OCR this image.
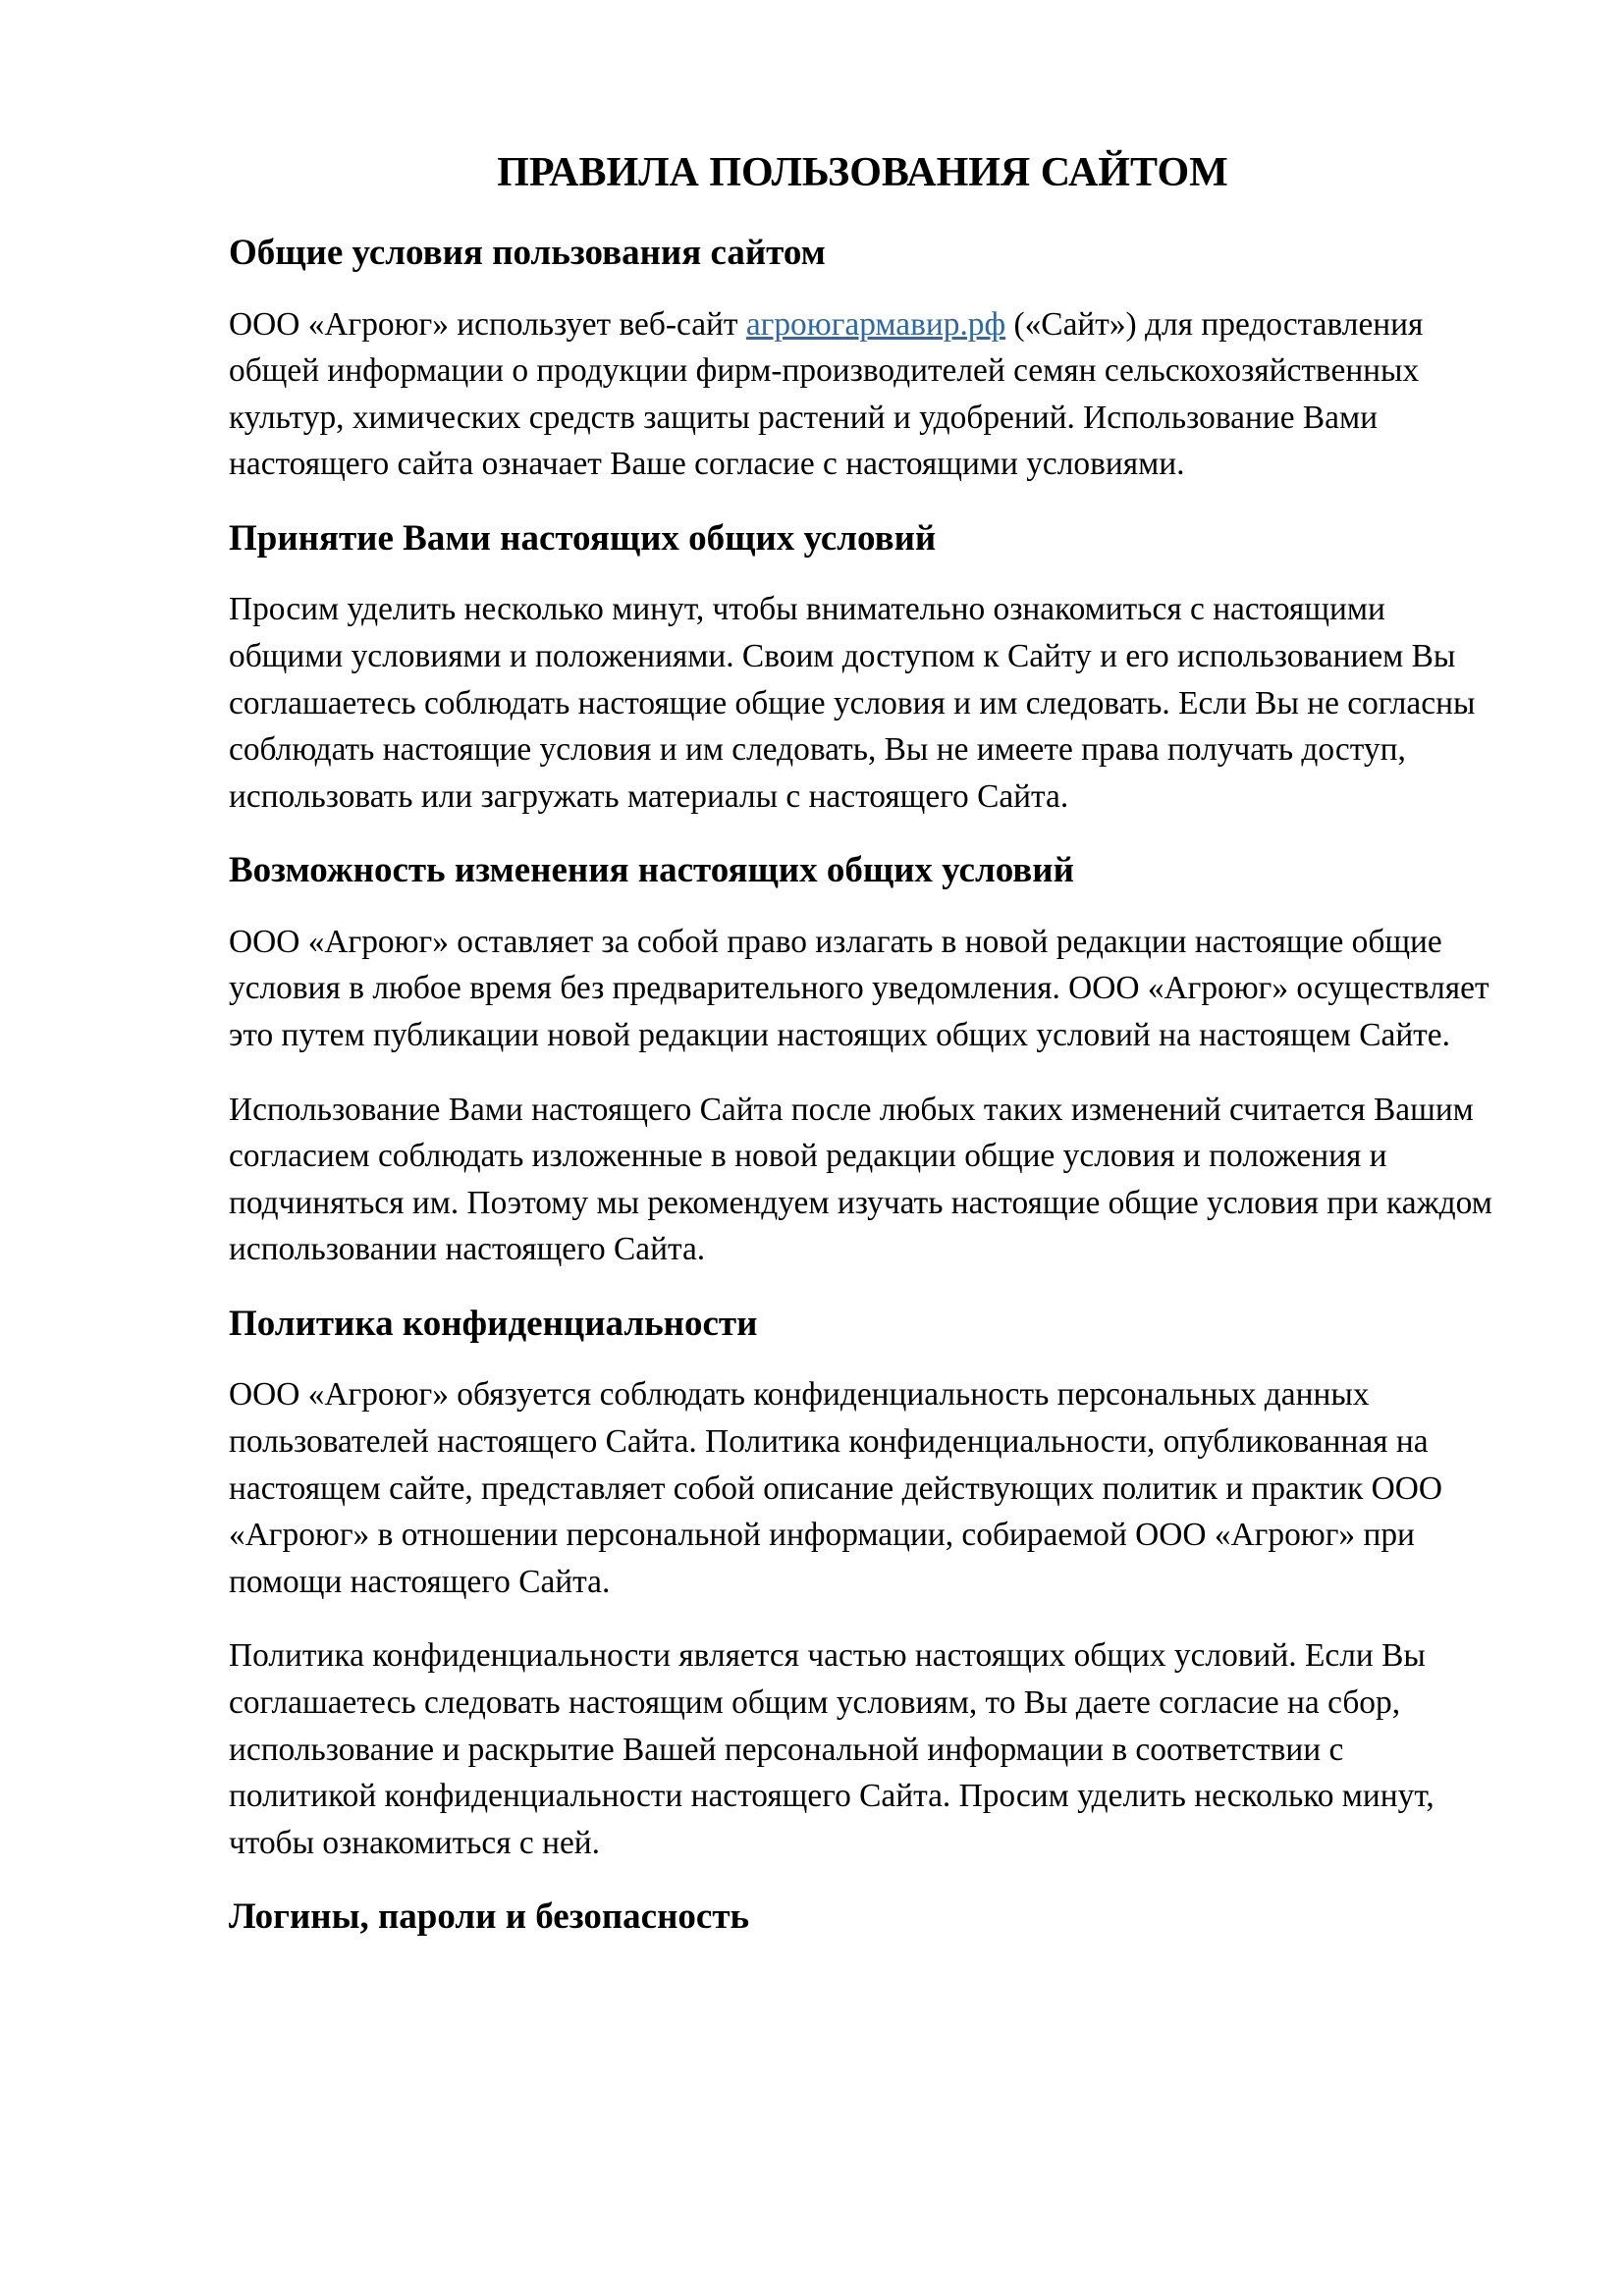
ПРАВИЛА ПОЛЬЗОВАНИЯ САЙТОМ
Общие условия пользования сайтом

ООО «Агроюг» использует веб-сайт агроюгармавир.рф («Сайт») для предоставления общей информации о продукции фирм-производителей семян сельскохозяйственных культур, химических средств защиты растений и удобрений. Использование Вами настоящего сайта означает Ваше согласие с настоящими условиями.

Принятие Вами настоящих общих условий

Просим уделить несколько минут, чтобы внимательно ознакомиться с настоящими общими условиями и положениями. Своим доступом к Сайту и его использованием Вы соглашаетесь соблюдать настоящие общие условия и им следовать. Если Вы не согласны соблюдать настоящие условия и им следовать, Вы не имеете права получать доступ, использовать или загружать материалы с настоящего Сайта.

Возможность изменения настоящих общих условий

ООО «Агроюг» оставляет за собой право излагать в новой редакции настоящие общие условия в любое время без предварительного уведомления. ООО «Агроюг» осуществляет это путем публикации новой редакции настоящих общих условий на настоящем Сайте.

Использование Вами настоящего Сайта после любых таких изменений считается Вашим согласием соблюдать изложенные в новой редакции общие условия и положения и подчиняться им. Поэтому мы рекомендуем изучать настоящие общие условия при каждом использовании настоящего Сайта.

Политика конфиденциальности

ООО «Агроюг» обязуется соблюдать конфиденциальность персональных данных пользователей настоящего Сайта. Политика конфиденциальности, опубликованная на настоящем сайте, представляет собой описание действующих политик и практик ООО «Агроюг» в отношении персональной информации, собираемой ООО «Агроюг» при помощи настоящего Сайта.

Политика конфиденциальности является частью настоящих общих условий. Если Вы соглашаетесь следовать настоящим общим условиям, то Вы даете согласие на сбор, использование и раскрытие Вашей персональной информации в соответствии с политикой конфиденциальности настоящего Сайта. Просим уделить несколько минут, чтобы ознакомиться с ней.

Логины, пароли и безопасность
